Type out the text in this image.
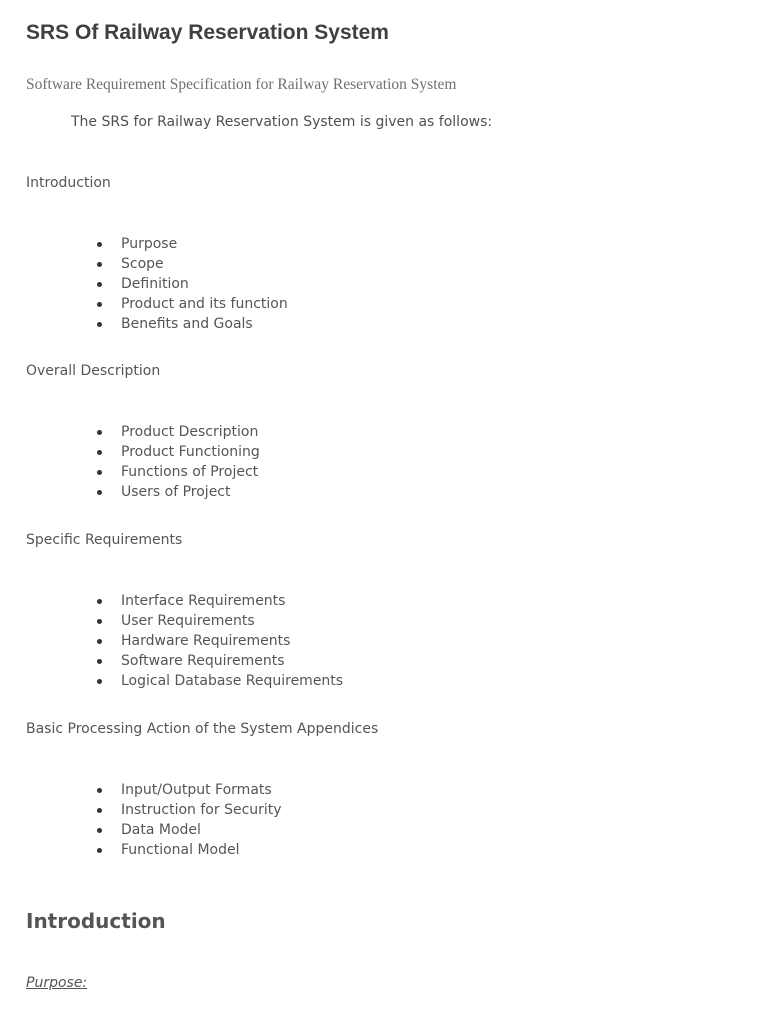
SRS Of Railway Reservation System

Software Requirement Specification for Railway Reservation System

The SRS for Railway Reservation System is given as follows:

Introduction
Purpose
Scope
Definition
Product and its function
Benefits and Goals
Overall Description
Product Description
Product Functioning
Functions of Project
Users of Project
Specific Requirements
Interface Requirements
User Requirements
Hardware Requirements
Software Requirements
Logical Database Requirements
Basic Processing Action of the System Appendices
Input/Output Formats
Instruction for Security
Data Model
Functional Model
Introduction

Purpose:
